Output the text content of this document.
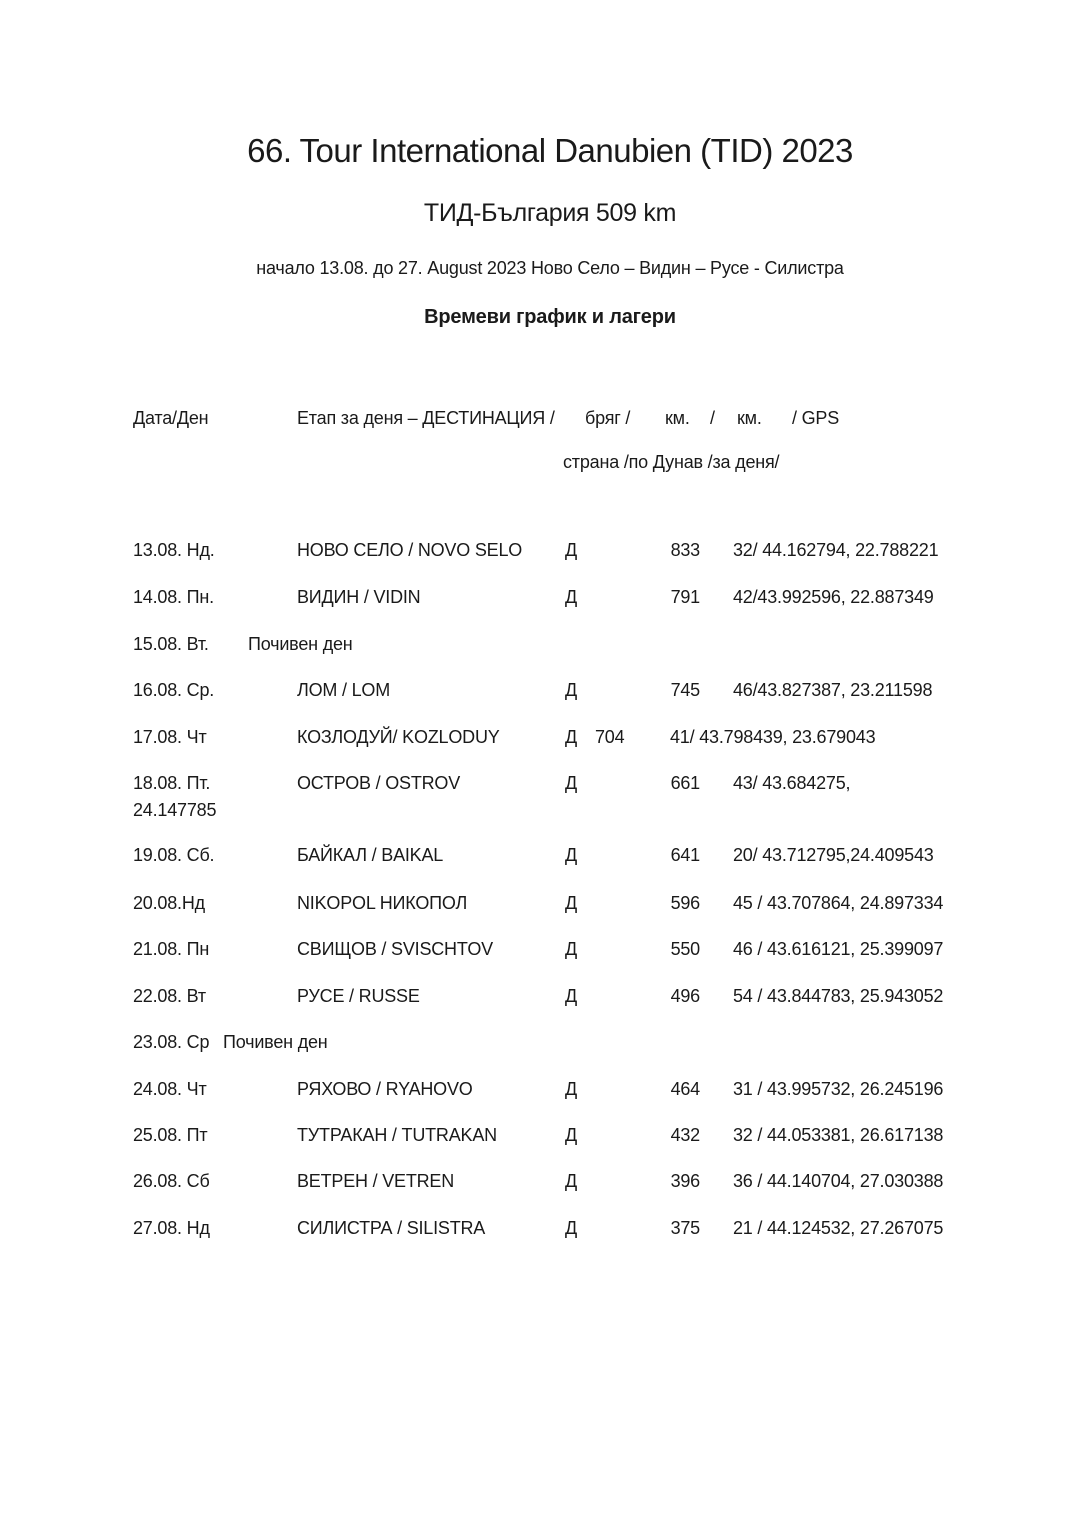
66. Tour International Danubien (TID) 2023
ТИД-България 509 km
начало 13.08. до 27. August 2023 Ново Село – Видин – Русе - Силистра
Времеви график и лагери
Дата/Ден	Етап за деня – ДЕСТИНАЦИЯ / бряг / км. / км. / GPS
страна /по Дунав /за деня/
13.08. Нд.	НОВО СЕЛО / NOVO SELO Д	833 32/ 44.162794, 22.788221
14.08. Пн.	ВИДИН / VIDIN	Д	791 42/43.992596, 22.887349
15.08. Вт. Почивен ден
16.08. Ср.	ЛОМ / LOM	Д	745 46/43.827387, 23.211598
17.08. Чт	КОЗЛОДУЙ/ KOZLODUY	Д 704	41/ 43.798439, 23.679043
18.08. Пт.	ОСТРОВ / OSTROV	Д	661 43/ 43.684275,
24.147785
19.08. Сб.	БАЙКАЛ / BAIKAL	Д	641 20/ 43.712795,24.409543
20.08.Нд	NIKOPOL НИКОПОЛ	Д	596 45 / 43.707864, 24.897334
21.08. Пн	СВИЩОВ / SVISCHTOV	Д	550 46 / 43.616121, 25.399097
22.08. Вт	РУСЕ / RUSSE	Д	496 54 / 43.844783, 25.943052
23.08. Ср Почивен ден
24.08. Чт	РЯХОВО / RYAHOVO	Д	464 31 / 43.995732, 26.245196
25.08. Пт	ТУТРАКАН / TUTRAKAN	Д	432 32 / 44.053381, 26.617138
26.08. Сб	ВЕТРЕН / VETREN	Д	396 36 / 44.140704, 27.030388
27.08. Нд	СИЛИСТРА / SILISTRA	Д	375 21 / 44.124532, 27.267075
